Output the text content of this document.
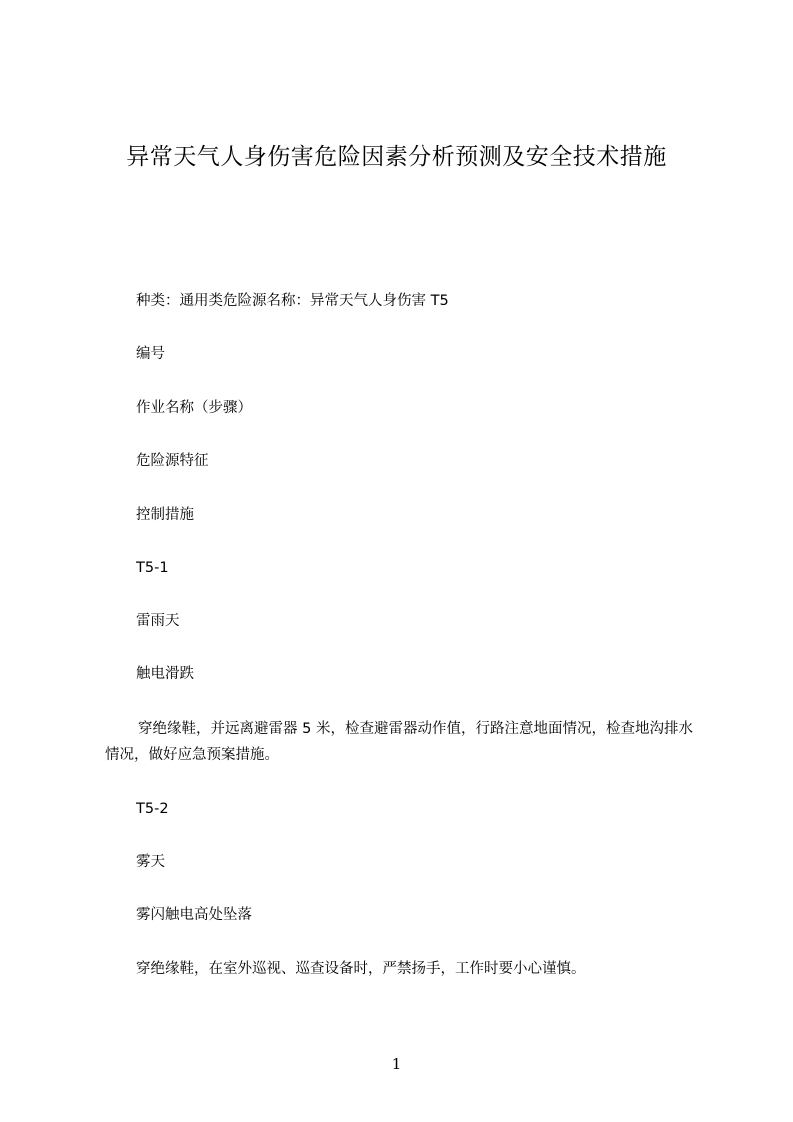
异常天气人身伤害危险因素分析预测及安全技术措施
种类：通用类危险源名称：异常天气人身伤害 T5
编号
作业名称（步骤）
危险源特征
控制措施
T5-1
雷雨天
触电滑跌
穿绝缘鞋，并远离避雷器 5 米，检查避雷器动作值，行路注意地面情况，检查地沟排水情况，做好应急预案措施。
T5-2
雾天
雾闪触电高处坠落
穿绝缘鞋，在室外巡视、巡查设备时，严禁扬手，工作时要小心谨慎。
1
